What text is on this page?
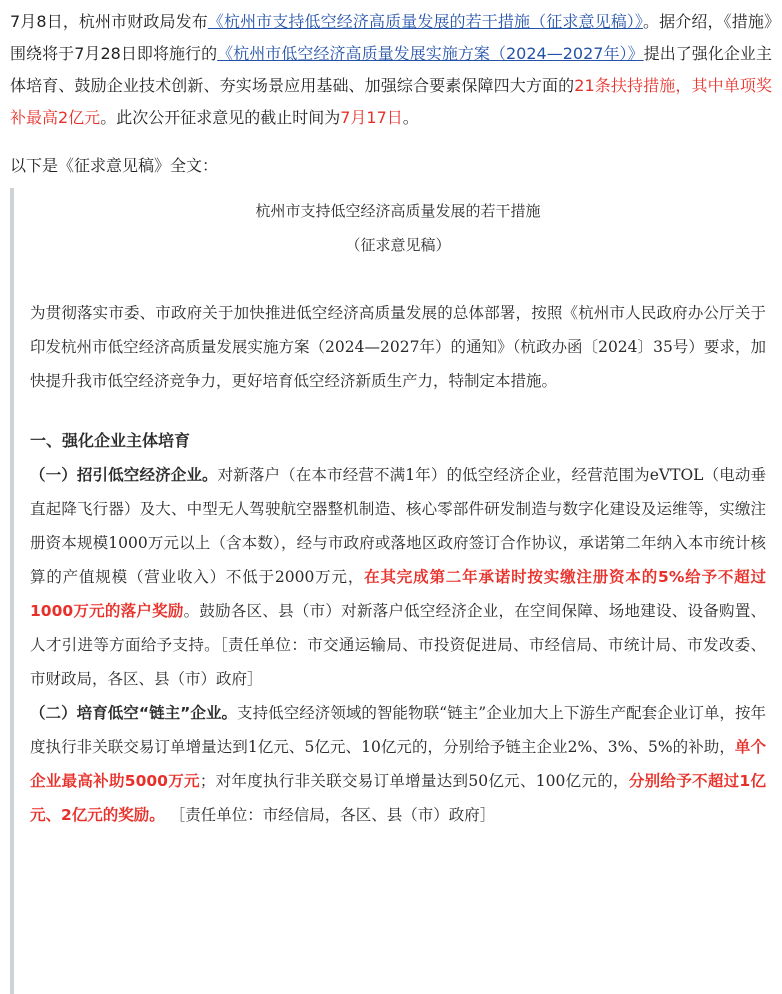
7月8日，杭州市财政局发布《杭州市支持低空经济高质量发展的若干措施（征求意见稿）》。据介绍，《措施》围绕将于7月28日即将施行的《杭州市低空经济高质量发展实施方案（2024—2027年）》提出了强化企业主体培育、鼓励企业技术创新、夯实场景应用基础、加强综合要素保障四大方面的21条扶持措施，其中单项奖补最高2亿元。此次公开征求意见的截止时间为7月17日。

以下是《征求意见稿》全文：

杭州市支持低空经济高质量发展的若干措施

（征求意见稿）

为贯彻落实市委、市政府关于加快推进低空经济高质量发展的总体部署，按照《杭州市人民政府办公厅关于印发杭州市低空经济高质量发展实施方案（2024—2027年）的通知》（杭政办函〔2024〕35号）要求，加快提升我市低空经济竞争力，更好培育低空经济新质生产力，特制定本措施。

一、强化企业主体培育

（一）招引低空经济企业。对新落户（在本市经营不满1年）的低空经济企业，经营范围为eVTOL（电动垂直起降飞行器）及大、中型无人驾驶航空器整机制造、核心零部件研发制造与数字化建设及运维等，实缴注册资本规模1000万元以上（含本数），经与市政府或落地区政府签订合作协议，承诺第二年纳入本市统计核算的产值规模（营业收入）不低于2000万元，在其完成第二年承诺时按实缴注册资本的5%给予不超过1000万元的落户奖励。鼓励各区、县（市）对新落户低空经济企业，在空间保障、场地建设、设备购置、人才引进等方面给予支持。［责任单位：市交通运输局、市投资促进局、市经信局、市统计局、市发改委、市财政局，各区、县（市）政府］

（二）培育低空“链主”企业。支持低空经济领域的智能物联“链主”企业加大上下游生产配套企业订单，按年度执行非关联交易订单增量达到1亿元、5亿元、10亿元的，分别给予链主企业2%、3%、5%的补助，单个企业最高补助5000万元；对年度执行非关联交易订单增量达到50亿元、100亿元的，分别给予不超过1亿元、2亿元的奖励。 ［责任单位：市经信局，各区、县（市）政府］
